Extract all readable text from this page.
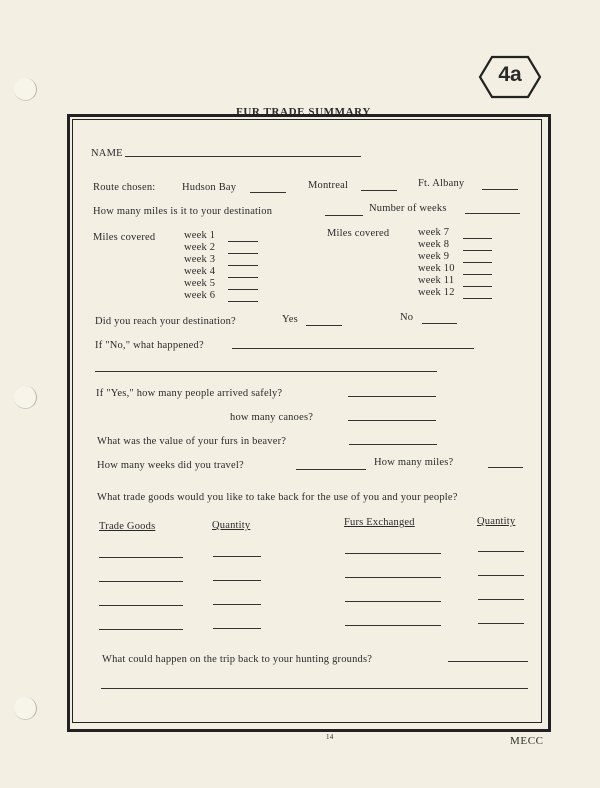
4a
FUR TRADE SUMMARY
NAME
Route chosen:	Hudson Bay	Montreal	Ft. Albany
How many miles is it to your destination	Number of weeks
Miles covered	week 1
week 2
week 3
week 4
week 5
week 6
Miles covered	week 7
week 8
week 9
week 10
week 11
week 12
Did you reach your destination?	Yes	No
If "No," what happened?
If "Yes," how many people arrived safely?
how many canoes?
What was the value of your furs in beaver?
How many weeks did you travel?	How many miles?
What trade goods would you like to take back for the use of you and your people?
Trade Goods	Quantity	Furs Exchanged	Quantity
What could happen on the trip back to your hunting grounds?
14	MECC
